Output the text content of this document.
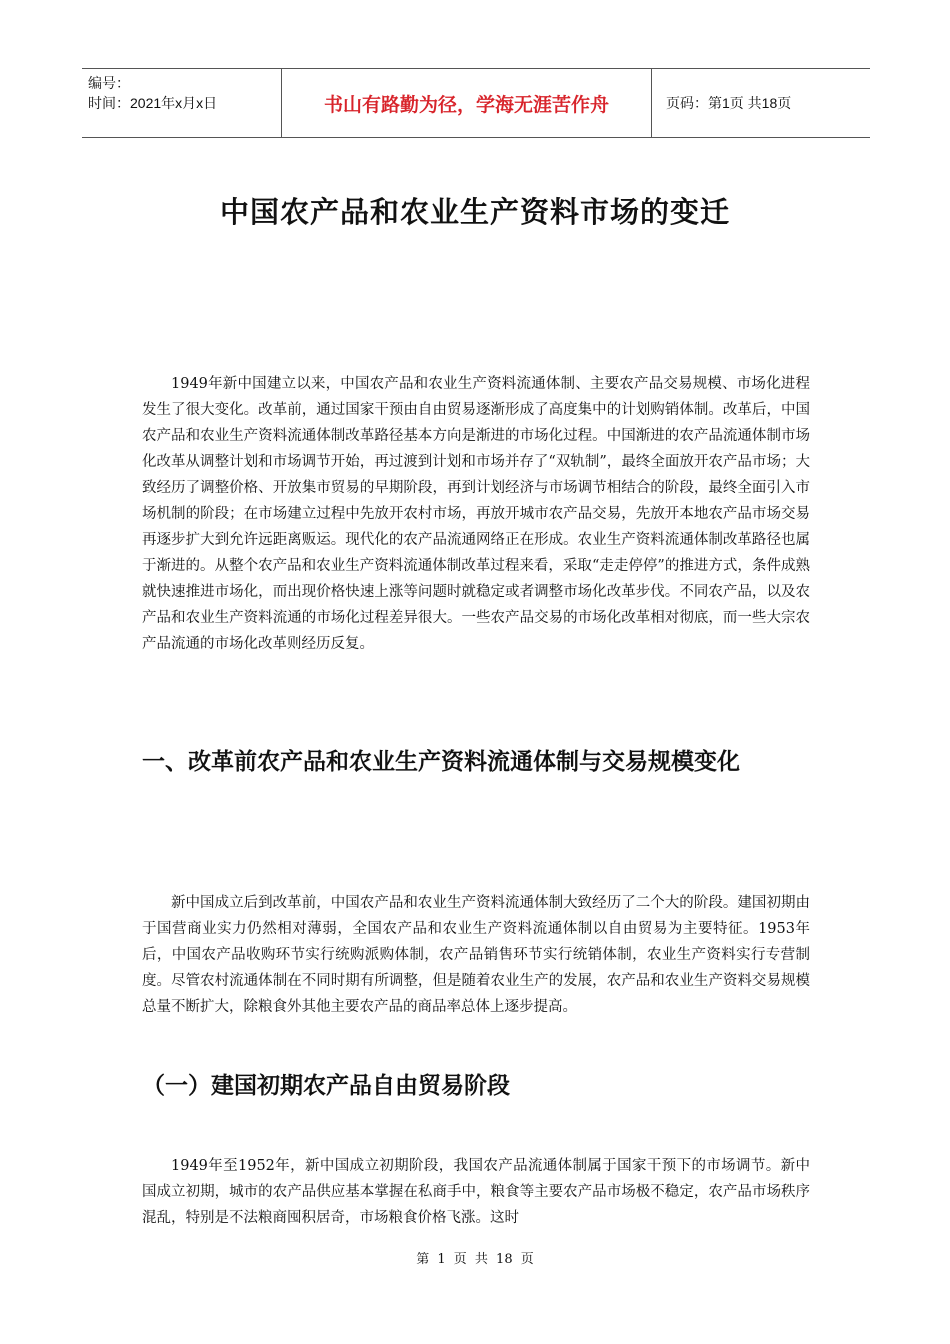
编号：
时间：2021年x月x日	书山有路勤为径，学海无涯苦作舟	页码：第1页 共18页
中国农产品和农业生产资料市场的变迁

1949年新中国建立以来，中国农产品和农业生产资料流通体制、主要农产品交易规模、市场化进程发生了很大变化。改革前，通过国家干预由自由贸易逐渐形成了高度集中的计划购销体制。改革后，中国农产品和农业生产资料流通体制改革路径基本方向是渐进的市场化过程。中国渐进的农产品流通体制市场化改革从调整计划和市场调节开始，再过渡到计划和市场并存了“双轨制”，最终全面放开农产品市场；大致经历了调整价格、开放集市贸易的早期阶段，再到计划经济与市场调节相结合的阶段，最终全面引入市场机制的阶段；在市场建立过程中先放开农村市场，再放开城市农产品交易，先放开本地农产品市场交易再逐步扩大到允许远距离贩运。现代化的农产品流通网络正在形成。农业生产资料流通体制改革路径也属于渐进的。从整个农产品和农业生产资料流通体制改革过程来看，采取“走走停停”的推进方式，条件成熟就快速推进市场化，而出现价格快速上涨等问题时就稳定或者调整市场化改革步伐。不同农产品，以及农产品和农业生产资料流通的市场化过程差异很大。一些农产品交易的市场化改革相对彻底，而一些大宗农产品流通的市场化改革则经历反复。

一、改革前农产品和农业生产资料流通体制与交易规模变化

新中国成立后到改革前，中国农产品和农业生产资料流通体制大致经历了二个大的阶段。建国初期由于国营商业实力仍然相对薄弱，全国农产品和农业生产资料流通体制以自由贸易为主要特征。1953年后，中国农产品收购环节实行统购派购体制，农产品销售环节实行统销体制，农业生产资料实行专营制度。尽管农村流通体制在不同时期有所调整，但是随着农业生产的发展，农产品和农业生产资料交易规模总量不断扩大，除粮食外其他主要农产品的商品率总体上逐步提高。

（一）建国初期农产品自由贸易阶段

1949年至1952年，新中国成立初期阶段，我国农产品流通体制属于国家干预下的市场调节。新中国成立初期，城市的农产品供应基本掌握在私商手中，粮食等主要农产品市场极不稳定，农产品市场秩序混乱，特别是不法粮商囤积居奇，市场粮食价格飞涨。这时

第 1 页 共 18 页
